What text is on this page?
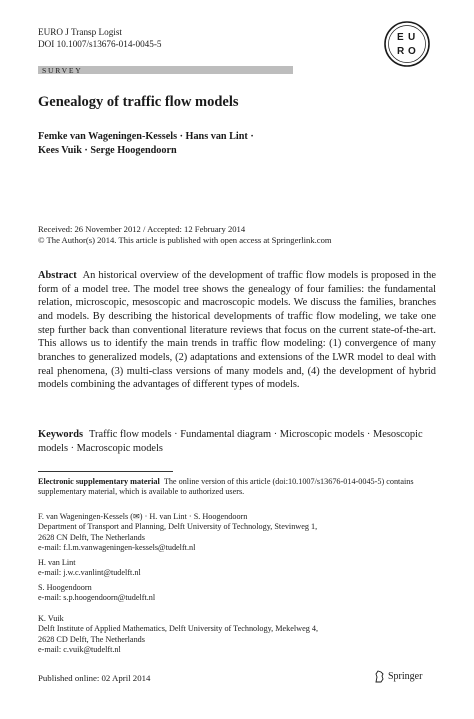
EURO J Transp Logist
DOI 10.1007/s13676-014-0045-5
E U
R O
SURVEY
Genealogy of traffic flow models
Femke van Wageningen-Kessels · Hans van Lint ·
Kees Vuik · Serge Hoogendoorn
Received: 26 November 2012 / Accepted: 12 February 2014
© The Author(s) 2014. This article is published with open access at Springerlink.com
Abstract An historical overview of the development of traffic flow models is proposed in the form of a model tree. The model tree shows the genealogy of four families: the fundamental relation, microscopic, mesoscopic and macroscopic models. We discuss the families, branches and models. By describing the historical developments of traffic flow modeling, we take one step further back than conventional literature reviews that focus on the current state-of-the-art. This allows us to identify the main trends in traffic flow modeling: (1) convergence of many branches to generalized models, (2) adaptations and extensions of the LWR model to deal with real phenomena, (3) multi-class versions of many models and, (4) the development of hybrid models combining the advantages of different types of models.
Keywords Traffic flow models · Fundamental diagram · Microscopic models · Mesoscopic models · Macroscopic models
Electronic supplementary material The online version of this article (doi:10.1007/s13676-014-0045-5) contains supplementary material, which is available to authorized users.
F. van Wageningen-Kessels (✉) · H. van Lint · S. Hoogendoorn
Department of Transport and Planning, Delft University of Technology, Stevinweg 1,
2628 CN Delft, The Netherlands
e-mail: f.l.m.vanwageningen-kessels@tudelft.nl
H. van Lint
e-mail: j.w.c.vanlint@tudelft.nl
S. Hoogendoorn
e-mail: s.p.hoogendoorn@tudelft.nl
K. Vuik
Delft Institute of Applied Mathematics, Delft University of Technology, Mekelweg 4,
2628 CD Delft, The Netherlands
e-mail: c.vuik@tudelft.nl
Published online: 02 April 2014	Springer
